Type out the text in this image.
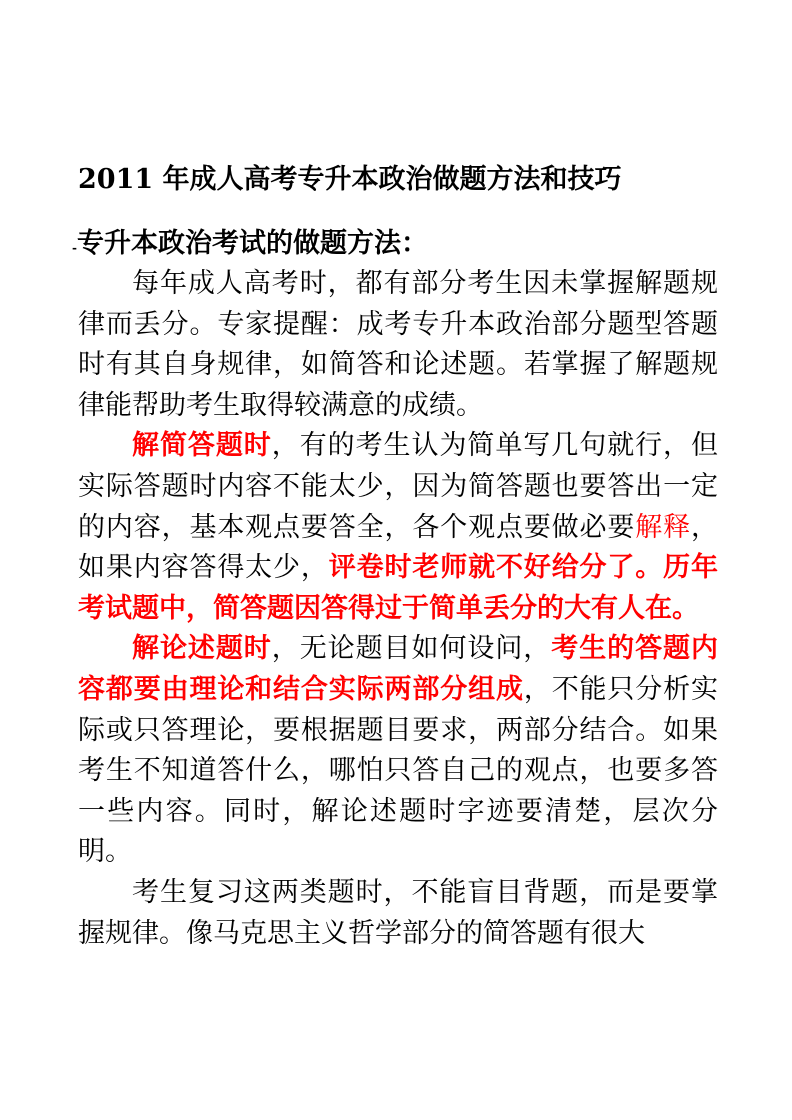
2011 年成人高考专升本政治做题方法和技巧
-专升本政治考试的做题方法：

每年成人高考时，都有部分考生因未掌握解题规律而丢分。专家提醒：成考专升本政治部分题型答题时有其自身规律，如简答和论述题。若掌握了解题规律能帮助考生取得较满意的成绩。

解简答题时，有的考生认为简单写几句就行，但实际答题时内容不能太少，因为简答题也要答出一定的内容，基本观点要答全，各个观点要做必要解释，如果内容答得太少，评卷时老师就不好给分了。历年考试题中，简答题因答得过于简单丢分的大有人在。

解论述题时，无论题目如何设问，考生的答题内容都要由理论和结合实际两部分组成，不能只分析实际或只答理论，要根据题目要求，两部分结合。如果考生不知道答什么，哪怕只答自己的观点，也要多答一些内容。同时，解论述题时字迹要清楚，层次分明。

考生复习这两类题时，不能盲目背题，而是要掌握规律。像马克思主义哲学部分的简答题有很大
